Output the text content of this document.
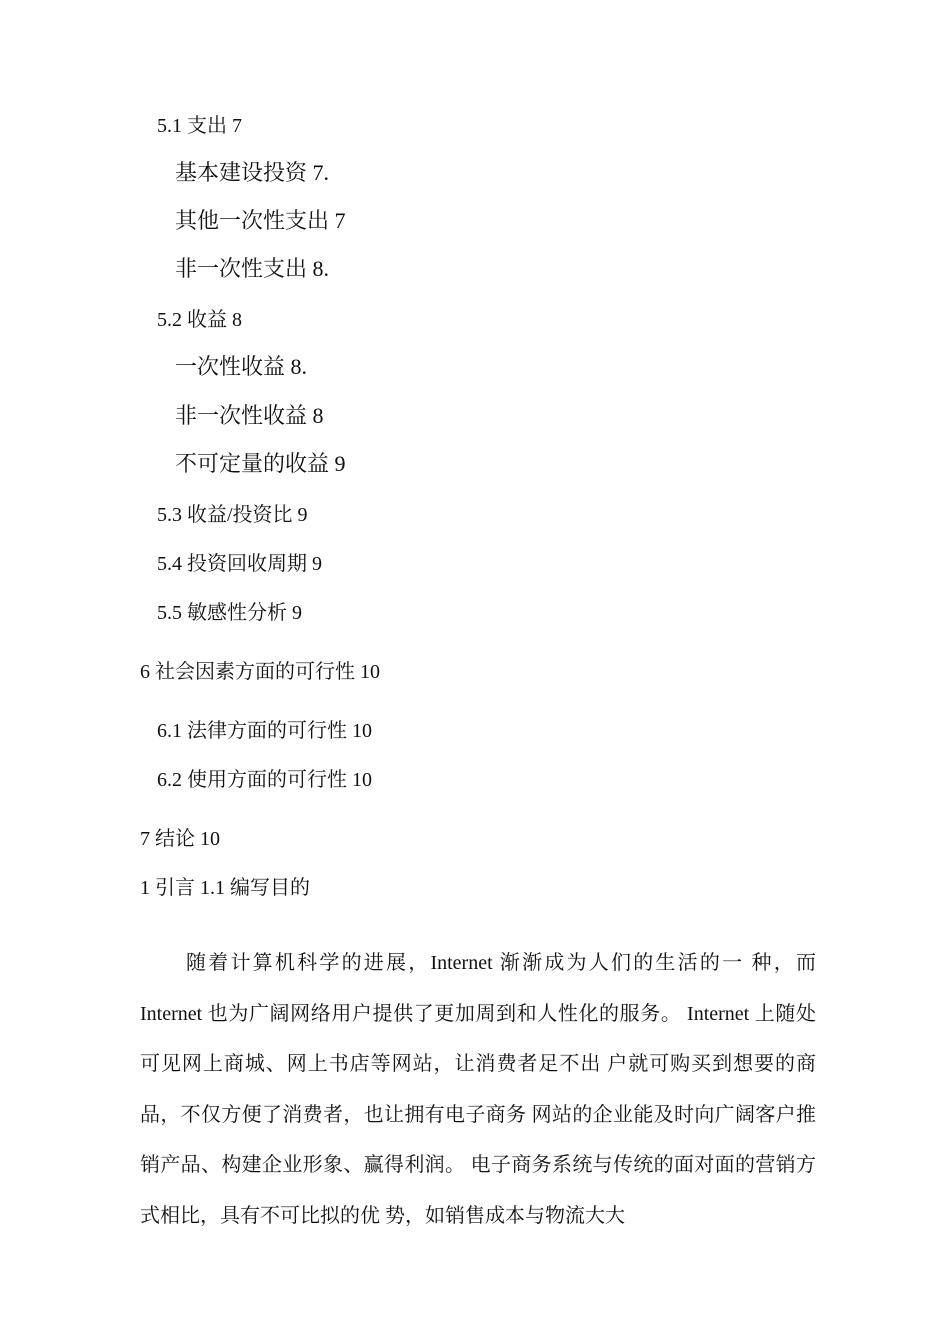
5.1 支出 7
基本建设投资 7.
其他一次性支出 7
非一次性支出 8.
5.2 收益 8
一次性收益 8.
非一次性收益 8
不可定量的收益 9
5.3 收益/投资比 9
5.4 投资回收周期 9
5.5 敏感性分析 9
6 社会因素方面的可行性 10
6.1 法律方面的可行性 10
6.2 使用方面的可行性 10
7 结论 10
1 引言 1.1 编写目的

随着计算机科学的进展，Internet 渐渐成为人们的生活的一 种，而 Internet 也为广阔网络用户提供了更加周到和人性化的服务。 Internet 上随处可见网上商城、网上书店等网站，让消费者足不出 户就可购买到想要的商品，不仅方便了消费者，也让拥有电子商务 网站的企业能及时向广阔客户推销产品、构建企业形象、赢得利润。 电子商务系统与传统的面对面的营销方式相比，具有不可比拟的优 势，如销售成本与物流大大
